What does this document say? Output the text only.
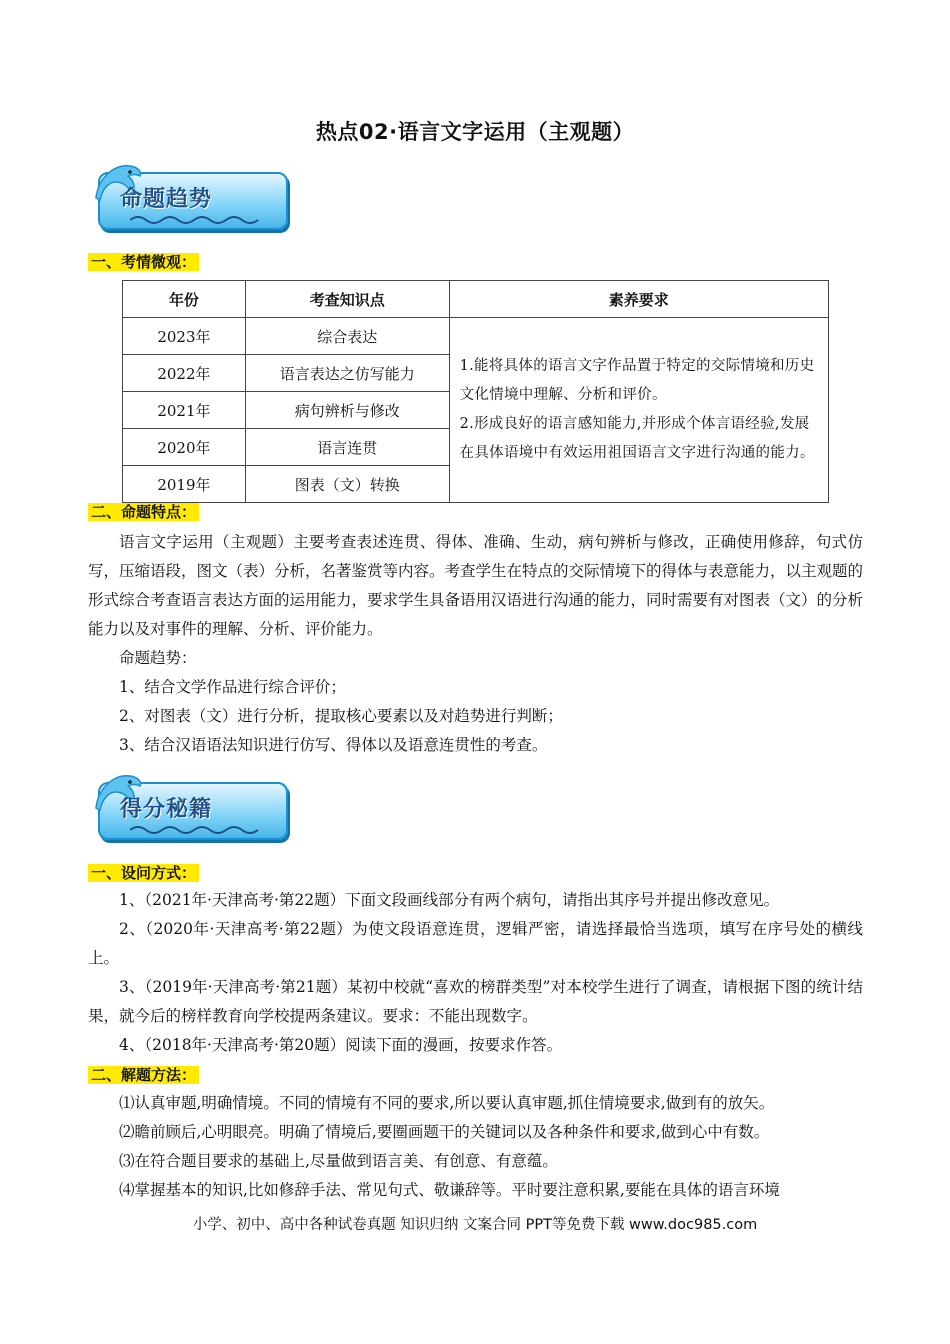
热点02·语言文字运用（主观题）
命题趋势
一、考情微观：
年份	考查知识点	素养要求
2023年	综合表达	1.能将具体的语言文字作品置于特定的交际情境和历史文化情境中理解、分析和评价。
2.形成良好的语言感知能力,并形成个体言语经验,发展在具体语境中有效运用祖国语言文字进行沟通的能力。

2022年	语言表达之仿写能力	
2021年	病句辨析与修改	
2020年	语言连贯	
2019年	图表（文）转换	
二、命题特点：
语言文字运用（主观题）主要考查表述连贯、得体、准确、生动，病句辨析与修改，正确使用修辞，句式仿写，压缩语段，图文（表）分析，名著鉴赏等内容。考查学生在特点的交际情境下的得体与表意能力，以主观题的形式综合考查语言表达方面的运用能力，要求学生具备语用汉语进行沟通的能力，同时需要有对图表（文）的分析能力以及对事件的理解、分析、评价能力。
命题趋势：
1、结合文学作品进行综合评价；
2、对图表（文）进行分析，提取核心要素以及对趋势进行判断；
3、结合汉语语法知识进行仿写、得体以及语意连贯性的考查。
得分秘籍
一、设问方式：
1、（2021年·天津高考·第22题）下面文段画线部分有两个病句，请指出其序号并提出修改意见。
2、（2020年·天津高考·第22题）为使文段语意连贯，逻辑严密，请选择最恰当选项，填写在序号处的横线上。
3、（2019年·天津高考·第21题）某初中校就“喜欢的榜群类型”对本校学生进行了调查，请根据下图的统计结果，就今后的榜样教育向学校提两条建议。要求：不能出现数字。
4、（2018年·天津高考·第20题）阅读下面的漫画，按要求作答。
二、解题方法：
⑴认真审题,明确情境。不同的情境有不同的要求,所以要认真审题,抓住情境要求,做到有的放矢。
⑵瞻前顾后,心明眼亮。明确了情境后,要圈画题干的关键词以及各种条件和要求,做到心中有数。
⑶在符合题目要求的基础上,尽量做到语言美、有创意、有意蕴。
⑷掌握基本的知识,比如修辞手法、常见句式、敬谦辞等。平时要注意积累,要能在具体的语言环境
小学、初中、高中各种试卷真题 知识归纳 文案合同 PPT等免费下载 www.doc985.com
